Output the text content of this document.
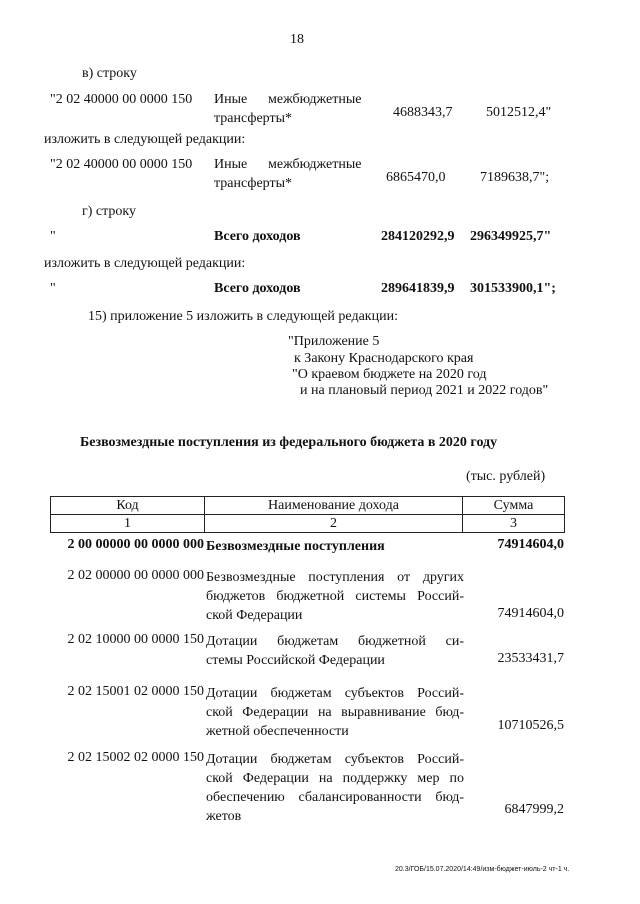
18
в) строку
"2 02 40000 00 0000 150 Иные межбюджетные
трансферты*	4688343,7 5012512,4"
изложить в следующей редакции:
"2 02 40000 00 0000 150 Иные межбюджетные
трансферты*	6865470,0 7189638,7";
г) строку
"	Всего доходов	284120292,9 296349925,7"
изложить в следующей редакции:
"	Всего доходов	289641839,9 301533900,1";
15) приложение 5 изложить в следующей редакции:
"Приложение 5
к Закону Краснодарского края
"О краевом бюджете на 2020 год
и на плановый период 2021 и 2022 годов"
Безвозмездные поступления из федерального бюджета в 2020 году
(тыс. рублей)
Код	Наименование дохода	Сумма
1	2	3
2 00 00000 00 0000 000 Безвозмездные поступления	74914604,0
2 02 00000 00 0000 000 Безвозмездные поступления от других
бюджетов бюджетной системы Россий-
ской Федерации	74914604,0
2 02 10000 00 0000 150 Дотации бюджетам бюджетной си-
стемы Российской Федерации	23533431,7
2 02 15001 02 0000 150 Дотации бюджетам субъектов Россий-
ской Федерации на выравнивание бюд-
жетной обеспеченности	10710526,5
2 02 15002 02 0000 150 Дотации бюджетам субъектов Россий-
ской Федерации на поддержку мер по
обеспечению сбалансированности бюд-
жетов	6847999,2
20.3/ГОБ/15.07.2020/14:49/изм-бюджет-июль-2 чт-1 ч.
